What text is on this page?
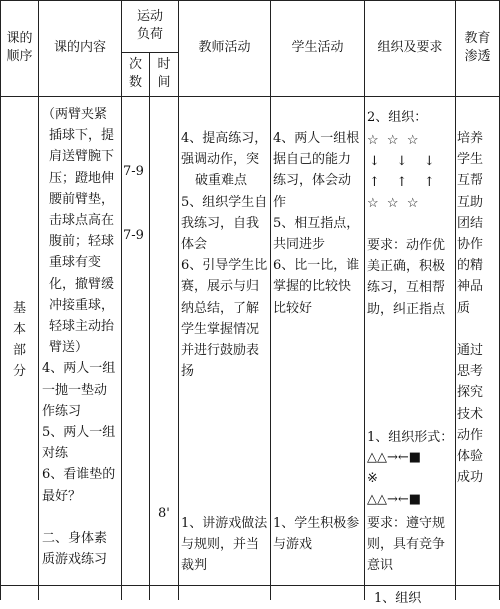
课的
顺序
课的内容
运动
负荷
次
数
时
间
教师活动	学生活动	组织及要求
教育
渗透
基
本
部
分
（两臂夹紧
插球下，提
肩送臂腕下
压；蹬地伸
腰前臂垫，
击球点高在
腹前；轻球
重球有变
化，撤臂缓
冲接重球，
轻球主动抬
臂送）
4、两人一组
一抛一垫动
作练习
5、两人一组
对练
6、看谁垫的
最好？
二、身体素
质游戏练习
7-9
7-9
8'
4、提高练习，
强调动作，突
破重难点
5、组织学生自
我练习，自我
体会
6、引导学生比
赛，展示与归
纳总结，了解
学生掌握情况
并进行鼓励表
扬
1、讲游戏做法
与规则，并当
裁判
4、两人一组根
据自己的能力
练习，体会动
作
5、相互指点，
共同进步
6、比一比，谁
掌握的比较快
比较好
1、学生积极参
与游戏
2、组织：
☆  ☆  ☆
↓    ↓    ↓
↑    ↑    ↑
☆  ☆  ☆
要求：动作优
美正确，积极
练习，互相帮
助，纠正指点
1、组织形式：
△△→←■
※
△△→←■
要求：遵守规
则，具有竞争
意识
培养
学生
互帮
互助
团结
协作
的精
神品
质
通过
思考
探究
技术
动作
体验
成功
1、组织
